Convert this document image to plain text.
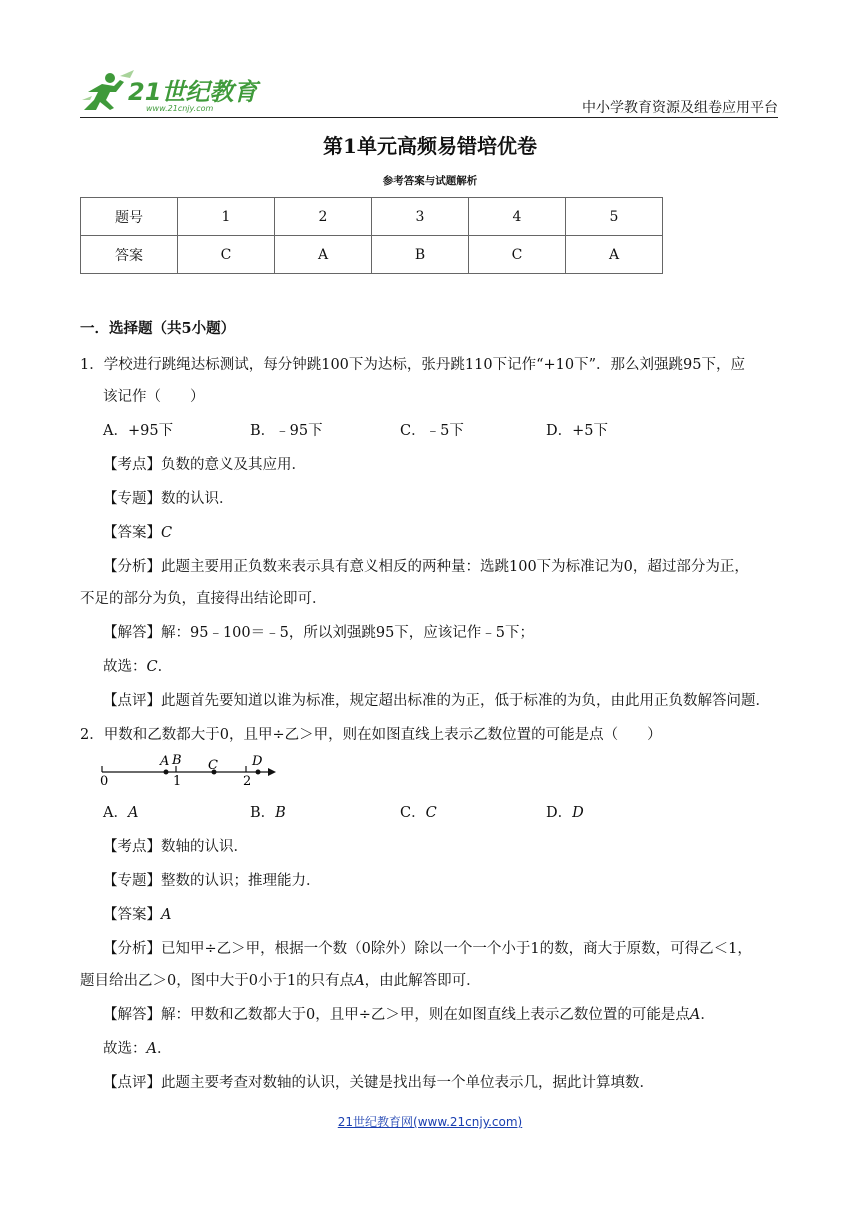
21世纪教育
www.21cnjy.com	中小学教育资源及组卷应用平台
第1单元高频易错培优卷
参考答案与试题解析
题号	1	2	3	4	5
答案	C	A	B	C	A
一．选择题（共5小题）
1．学校进行跳绳达标测试，每分钟跳100下为达标，张丹跳110下记作“+10下”．那么刘强跳95下，应
该记作（　　）
A．+95下	B．﹣95下	C．﹣5下	D．+5下
【考点】负数的意义及其应用．
【专题】数的认识．
【答案】C
【分析】此题主要用正负数来表示具有意义相反的两种量：选跳100下为标准记为0，超过部分为正，
不足的部分为负，直接得出结论即可．
【解答】解：95﹣100＝﹣5，所以刘强跳95下，应该记作﹣5下；
故选：C．
【点评】此题首先要知道以谁为标准，规定超出标准的为正，低于标准的为负，由此用正负数解答问题．
2．甲数和乙数都大于0，且甲÷乙＞甲，则在如图直线上表示乙数位置的可能是点（　　）
0	1	2
A B C	D
A．A	B．B	C．C	D．D
【考点】数轴的认识．
【专题】整数的认识；推理能力．
【答案】A
【分析】已知甲÷乙＞甲，根据一个数（0除外）除以一个一个小于1的数，商大于原数，可得乙＜1，
题目给出乙＞0，图中大于0小于1的只有点A，由此解答即可．
【解答】解：甲数和乙数都大于0，且甲÷乙＞甲，则在如图直线上表示乙数位置的可能是点A．
故选：A．
【点评】此题主要考查对数轴的认识，关键是找出每一个单位表示几，据此计算填数．
21世纪教育网(www.21cnjy.com)
